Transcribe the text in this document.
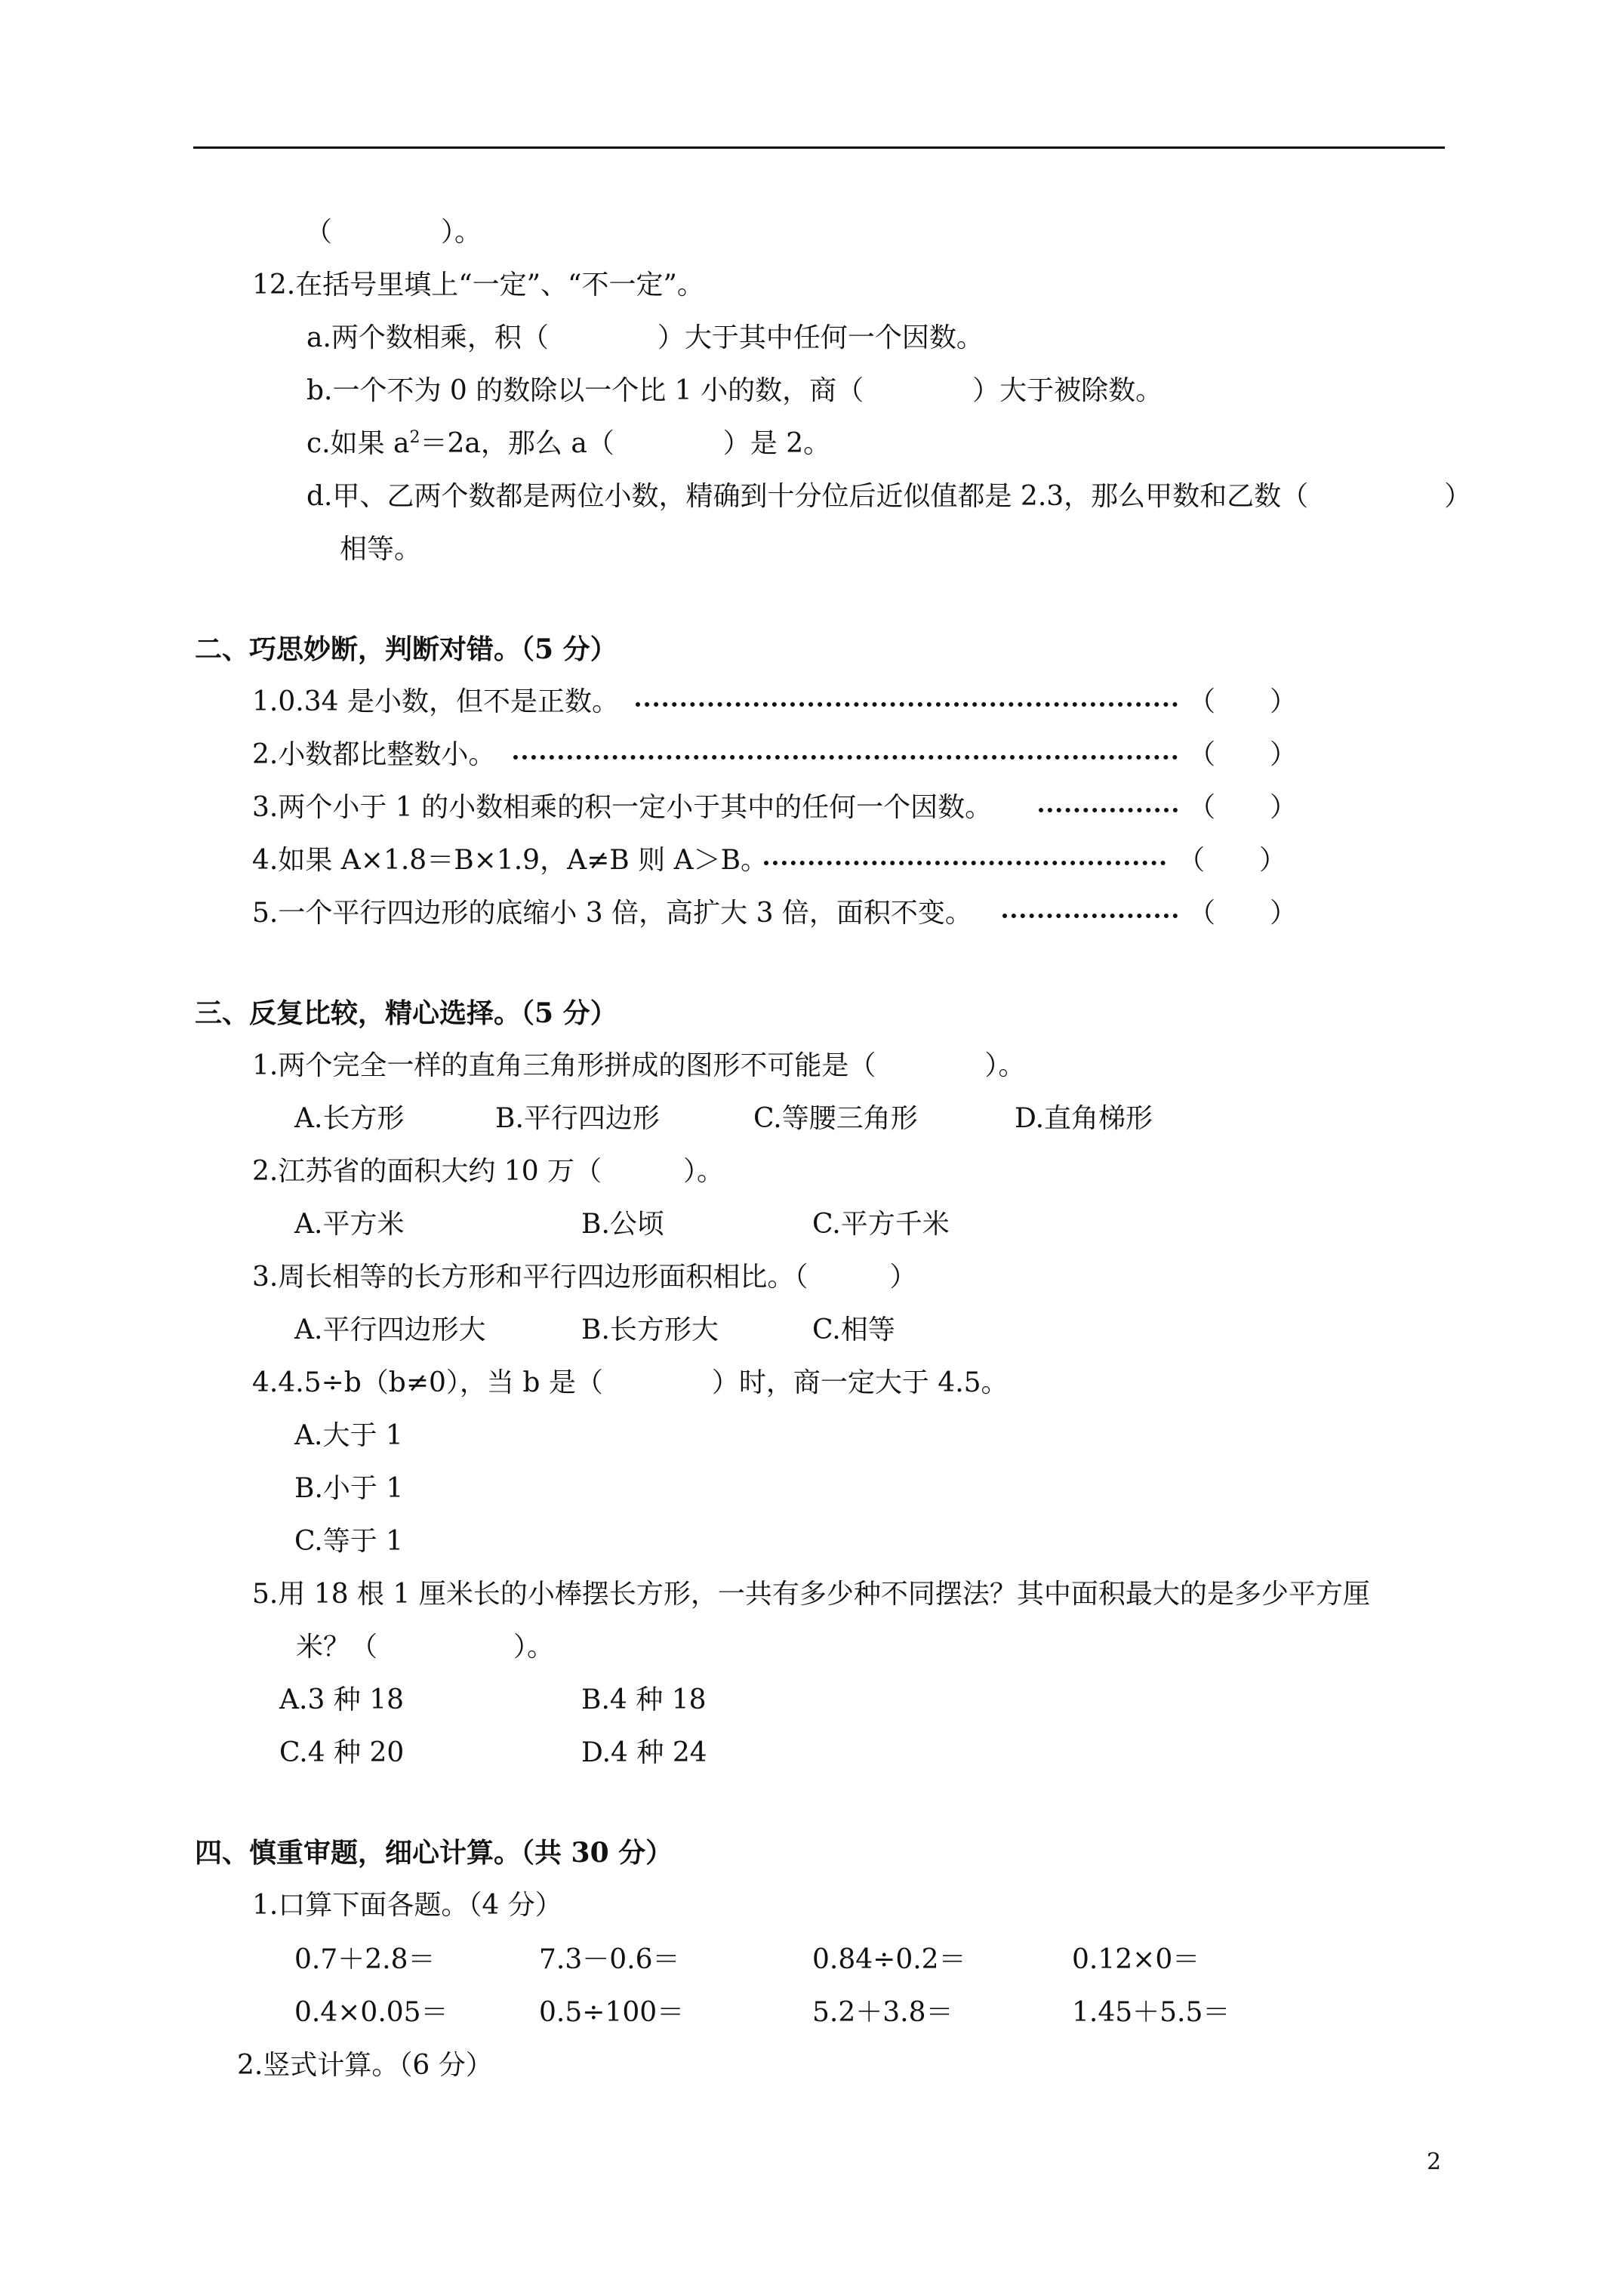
（　　　　）。
12.在括号里填上“一定”、“不一定”。
a.两个数相乘，积（　　　　）大于其中任何一个因数。
b.一个不为 0 的数除以一个比 1 小的数，商（　　　　）大于被除数。
c.如果 $a^2=2a$，那么 a（　　　　）是 2。
d.甲、乙两个数都是两位小数，精确到十分位后近似值都是 2.3，那么甲数和乙数（　　　　　）
相等。
二、巧思妙断，判断对错。（5 分）
1.0.34 是小数，但不是正数。	（　　）
2.小数都比整数小。	（　　）
3.两个小于 1 的小数相乘的积一定小于其中的任何一个因数。	（　　）
4.如果 A×1.8＝B×1.9，A≠B 则 A＞B。	（　　）
5.一个平行四边形的底缩小 3 倍，高扩大 3 倍，面积不变。	（　　）
三、反复比较，精心选择。（5 分）
1.两个完全一样的直角三角形拼成的图形不可能是（　　　　）。
A.长方形	B.平行四边形	C.等腰三角形	D.直角梯形
2.江苏省的面积大约 10 万（　　　）。
A.平方米	B.公顷	C.平方千米
3.周长相等的长方形和平行四边形面积相比。（　　　）
A.平行四边形大	B.长方形大	C.相等
4.4.5÷b（b≠0），当 b 是（　　　　）时，商一定大于 4.5。
A.大于 1
B.小于 1
C.等于 1
5.用 18 根 1 厘米长的小棒摆长方形，一共有多少种不同摆法？其中面积最大的是多少平方厘
米？（　　　　　）。
A.3 种 18	B.4 种 18
C.4 种 20	D.4 种 24
四、慎重审题，细心计算。（共 30 分）
1.口算下面各题。（4 分）
0.7＋2.8＝	7.3－0.6＝	0.84÷0.2＝	0.12×0＝
0.4×0.05＝	0.5÷100＝	5.2＋3.8＝	1.45＋5.5＝
2.竖式计算。（6 分）
2
